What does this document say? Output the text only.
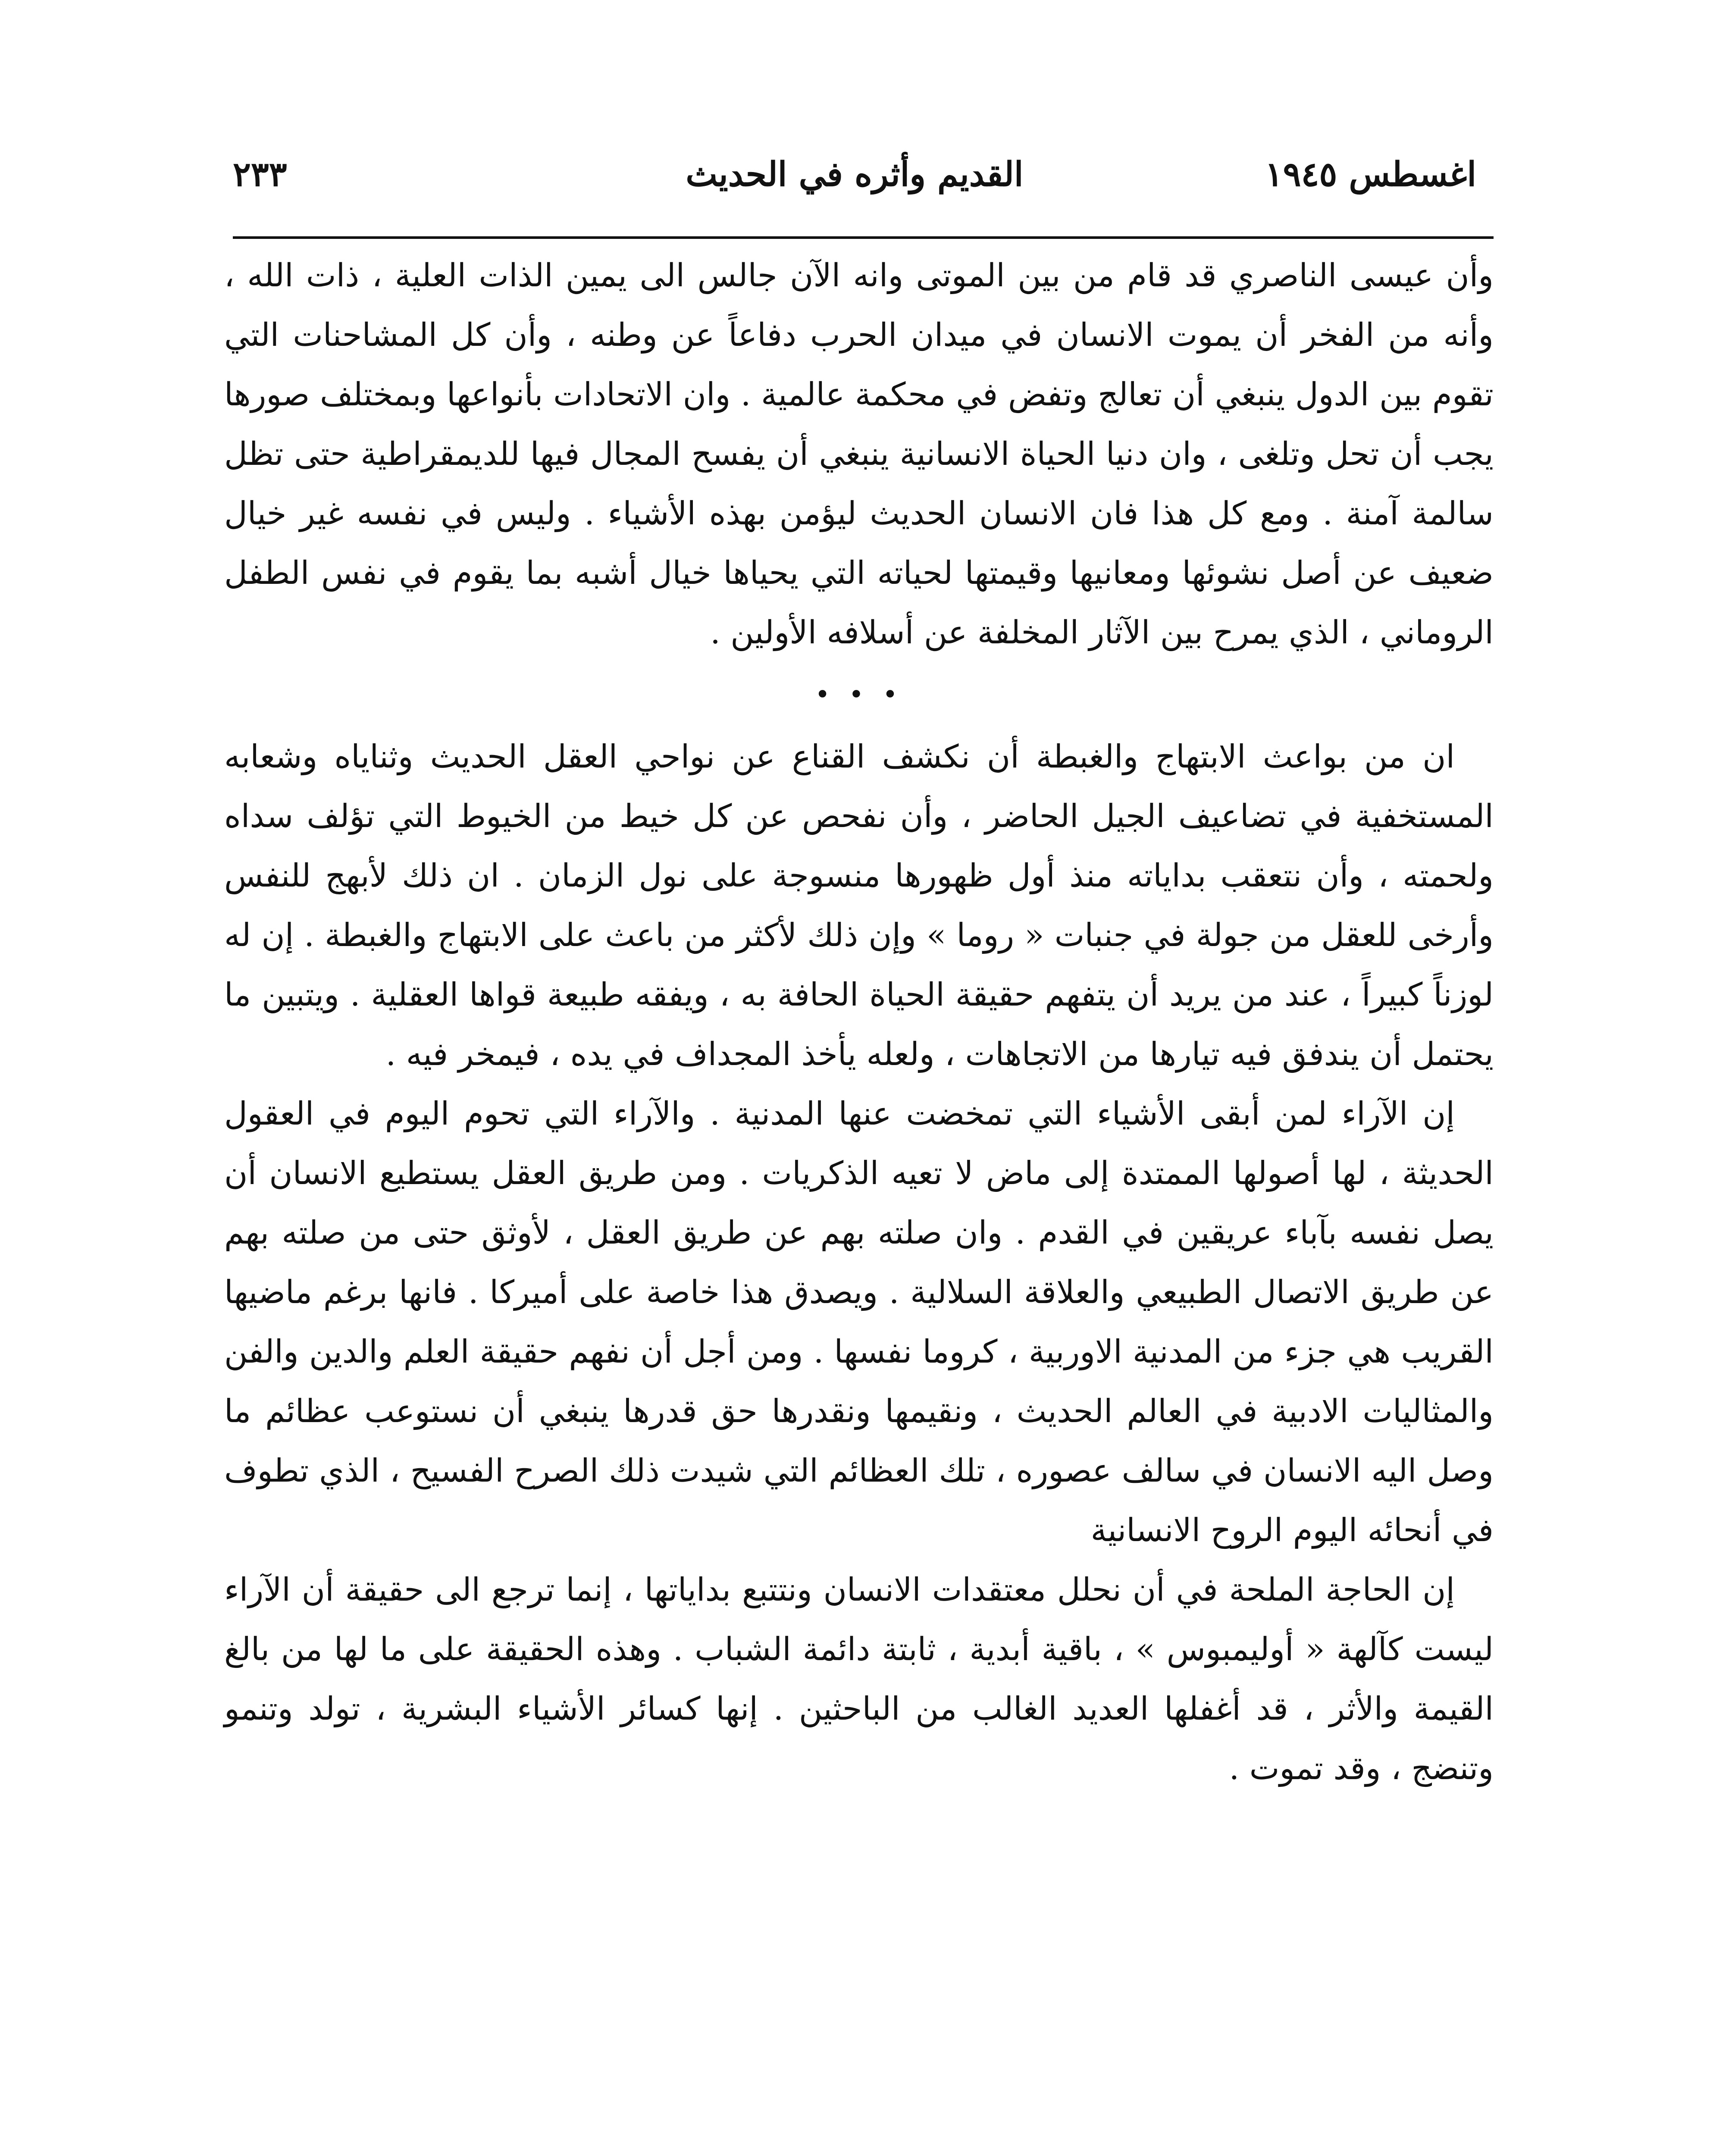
اغسطس ١٩٤٥
القديم وأثره في الحديث
٢٣٣

وأن عيسى الناصري قد قام من بين الموتى وانه الآن جالس الى يمين الذات العلية ، ذات الله ، وأنه من الفخر أن يموت الانسان في ميدان الحرب دفاعاً عن وطنه ، وأن كل المشاحنات التي تقوم بين الدول ينبغي أن تعالج وتفض في محكمة عالمية . وان الاتحادات بأنواعها وبمختلف صورها يجب أن تحل وتلغى ، وان دنيا الحياة الانسانية ينبغي أن يفسح المجال فيها للديمقراطية حتى تظل سالمة آمنة . ومع كل هذا فان الانسان الحديث ليؤمن بهذه الأشياء . وليس في نفسه غير خيال ضعيف عن أصل نشوئها ومعانيها وقيمتها لحياته التي يحياها خيال أشبه بما يقوم في نفس الطفل الروماني ، الذي يمرح بين الآثار المخلفة عن أسلافه الأولين .

• • •

ان من بواعث الابتهاج والغبطة أن نكشف القناع عن نواحي العقل الحديث وثناياه وشعابه المستخفية في تضاعيف الجيل الحاضر ، وأن نفحص عن كل خيط من الخيوط التي تؤلف سداه ولحمته ، وأن نتعقب بداياته منذ أول ظهورها منسوجة على نول الزمان . ان ذلك لأبهج للنفس وأرخى للعقل من جولة في جنبات « روما » وإن ذلك لأكثر من باعث على الابتهاج والغبطة . إن له لوزناً كبيراً ، عند من يريد أن يتفهم حقيقة الحياة الحافة به ، ويفقه طبيعة قواها العقلية . ويتبين ما يحتمل أن يندفق فيه تيارها من الاتجاهات ، ولعله يأخذ المجداف في يده ، فيمخر فيه .

إن الآراء لمن أبقى الأشياء التي تمخضت عنها المدنية . والآراء التي تحوم اليوم في العقول الحديثة ، لها أصولها الممتدة إلى ماض لا تعيه الذكريات . ومن طريق العقل يستطيع الانسان أن يصل نفسه بآباء عريقين في القدم . وان صلته بهم عن طريق العقل ، لأوثق حتى من صلته بهم عن طريق الاتصال الطبيعي والعلاقة السلالية . ويصدق هذا خاصة على أميركا . فانها برغم ماضيها القريب هي جزء من المدنية الاوربية ، كروما نفسها . ومن أجل أن نفهم حقيقة العلم والدين والفن والمثاليات الادبية في العالم الحديث ، ونقيمها ونقدرها حق قدرها ينبغي أن نستوعب عظائم ما وصل اليه الانسان في سالف عصوره ، تلك العظائم التي شيدت ذلك الصرح الفسيح ، الذي تطوف في أنحائه اليوم الروح الانسانية

إن الحاجة الملحة في أن نحلل معتقدات الانسان ونتتبع بداياتها ، إنما ترجع الى حقيقة أن الآراء ليست كآلهة « أوليمبوس » ، باقية أبدية ، ثابتة دائمة الشباب . وهذه الحقيقة على ما لها من بالغ القيمة والأثر ، قد أغفلها العديد الغالب من الباحثين . إنها كسائر الأشياء البشرية ، تولد وتنمو وتنضج ، وقد تموت .
